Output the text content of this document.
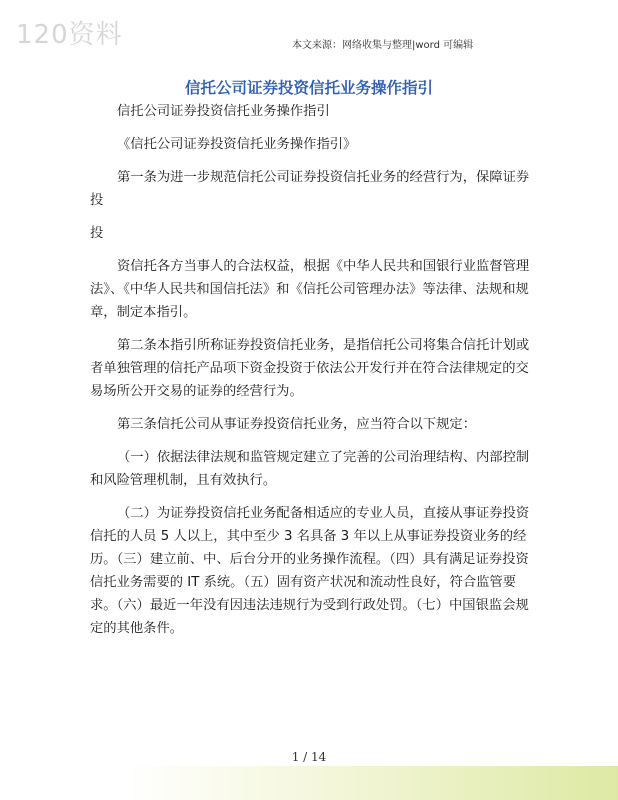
120资料	本文来源：网络收集与整理|word 可编辑
信托公司证券投资信托业务操作指引

信托公司证券投资信托业务操作指引

《信托公司证券投资信托业务操作指引》

第一条为进一步规范信托公司证券投资信托业务的经营行为，保障证券投

投

资信托各方当事人的合法权益，根据《中华人民共和国银行业监督管理法》、《中华人民共和国信托法》和《信托公司管理办法》等法律、法规和规章，制定本指引。

第二条本指引所称证券投资信托业务，是指信托公司将集合信托计划或者单独管理的信托产品项下资金投资于依法公开发行并在符合法律规定的交易场所公开交易的证券的经营行为。

第三条信托公司从事证券投资信托业务，应当符合以下规定：

（一）依据法律法规和监管规定建立了完善的公司治理结构、内部控制和风险管理机制，且有效执行。

（二）为证券投资信托业务配备相适应的专业人员，直接从事证券投资信托的人员 5 人以上，其中至少 3 名具备 3 年以上从事证券投资业务的经历。（三）建立前、中、后台分开的业务操作流程。（四）具有满足证券投资信托业务需要的 IT 系统。（五）固有资产状况和流动性良好，符合监管要求。（六）最近一年没有因违法违规行为受到行政处罚。（七）中国银监会规定的其他条件。

1 / 14
